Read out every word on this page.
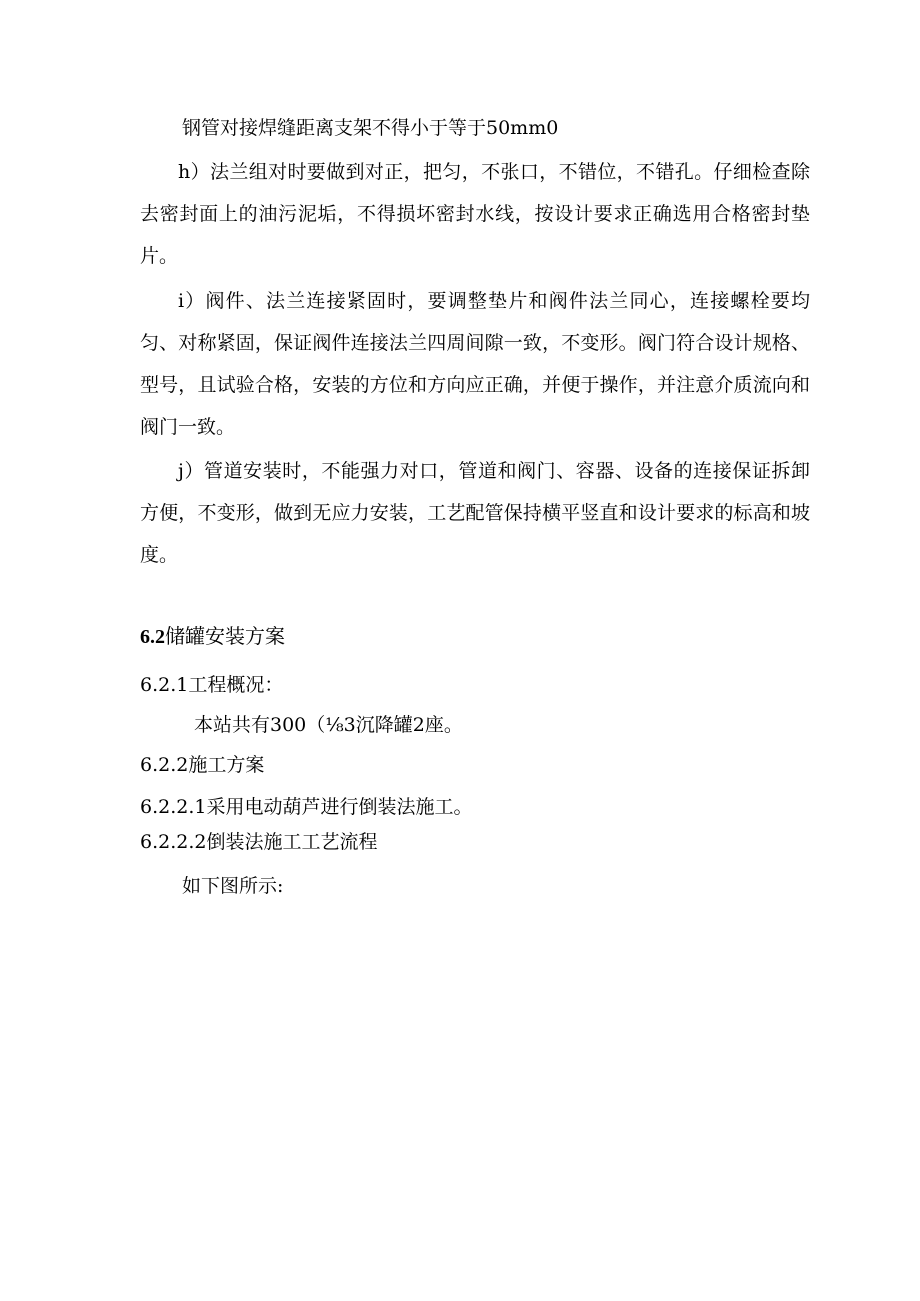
钢管对接焊缝距离支架不得小于等于50mm0

h）法兰组对时要做到对正，把匀，不张口，不错位，不错孔。仔细检查除去密封面上的油污泥垢，不得损坏密封水线，按设计要求正确选用合格密封垫片。

i）阀件、法兰连接紧固时，要调整垫片和阀件法兰同心，连接螺栓要均匀、对称紧固，保证阀件连接法兰四周间隙一致，不变形。阀门符合设计规格、型号，且试验合格，安装的方位和方向应正确，并便于操作，并注意介质流向和阀门一致。

j）管道安装时，不能强力对口，管道和阀门、容器、设备的连接保证拆卸方便，不变形，做到无应力安装，工艺配管保持横平竖直和设计要求的标高和坡度。

6.2储罐安装方案

6.2.1工程概况：

本站共有300（⅛3沉降罐2座。

6.2.2施工方案

6.2.2.1采用电动葫芦进行倒装法施工。

6.2.2.2倒装法施工工艺流程

如下图所示:
